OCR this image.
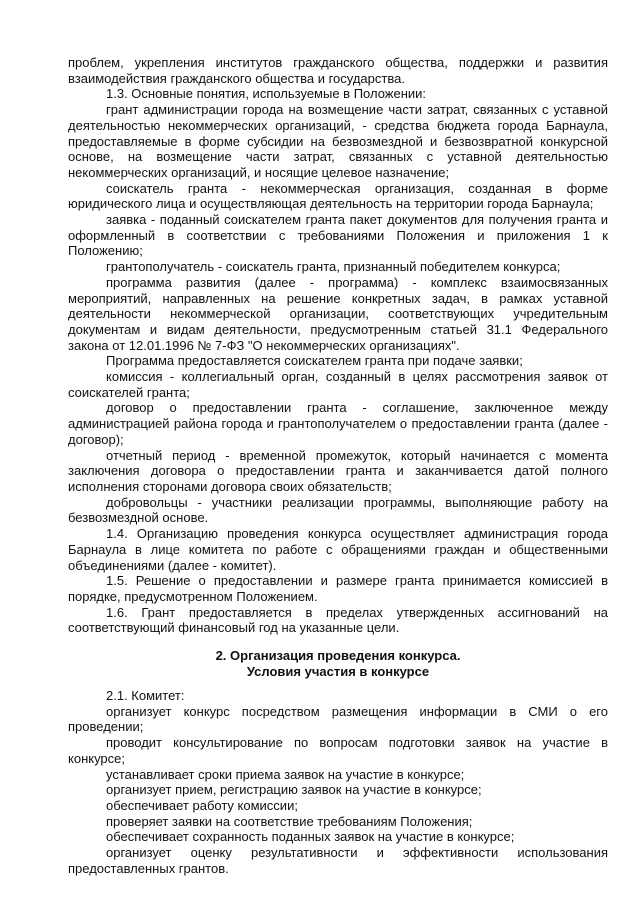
проблем, укрепления институтов гражданского общества, поддержки и развития взаимодействия гражданского общества и государства.

1.3. Основные понятия, используемые в Положении:

грант администрации города на возмещение части затрат, связанных с уставной деятельностью некоммерческих организаций, - средства бюджета города Барнаула, предоставляемые в форме субсидии на безвозмездной и безвозвратной конкурсной основе, на возмещение части затрат, связанных с уставной деятельностью некоммерческих организаций, и носящие целевое назначение;

соискатель гранта - некоммерческая организация, созданная в форме юридического лица и осуществляющая деятельность на территории города Барнаула;

заявка - поданный соискателем гранта пакет документов для получения гранта и оформленный в соответствии с требованиями Положения и приложения 1 к Положению;

грантополучатель - соискатель гранта, признанный победителем конкурса;

программа развития (далее - программа) - комплекс взаимосвязанных мероприятий, направленных на решение конкретных задач, в рамках уставной деятельности некоммерческой организации, соответствующих учредительным документам и видам деятельности, предусмотренным статьей 31.1 Федерального закона от 12.01.1996 № 7-ФЗ "О некоммерческих организациях".

Программа предоставляется соискателем гранта при подаче заявки;

комиссия - коллегиальный орган, созданный в целях рассмотрения заявок от соискателей гранта;

договор о предоставлении гранта - соглашение, заключенное между администрацией района города и грантополучателем о предоставлении гранта (далее - договор);

отчетный период - временной промежуток, который начинается с момента заключения договора о предоставлении гранта и заканчивается датой полного исполнения сторонами договора своих обязательств;

добровольцы - участники реализации программы, выполняющие работу на безвозмездной основе.

1.4. Организацию проведения конкурса осуществляет администрация города Барнаула в лице комитета по работе с обращениями граждан и общественными объединениями (далее - комитет).

1.5. Решение о предоставлении и размере гранта принимается комиссией в порядке, предусмотренном Положением.

1.6. Грант предоставляется в пределах утвержденных ассигнований на соответствующий финансовый год на указанные цели.

2. Организация проведения конкурса.
Условия участия в конкурсе

2.1. Комитет:

организует конкурс посредством размещения информации в СМИ о его проведении;

проводит консультирование по вопросам подготовки заявок на участие в конкурсе;

устанавливает сроки приема заявок на участие в конкурсе;

организует прием, регистрацию заявок на участие в конкурсе;

обеспечивает работу комиссии;

проверяет заявки на соответствие требованиям Положения;

обеспечивает сохранность поданных заявок на участие в конкурсе;

организует оценку результативности и эффективности использования предоставленных грантов.
